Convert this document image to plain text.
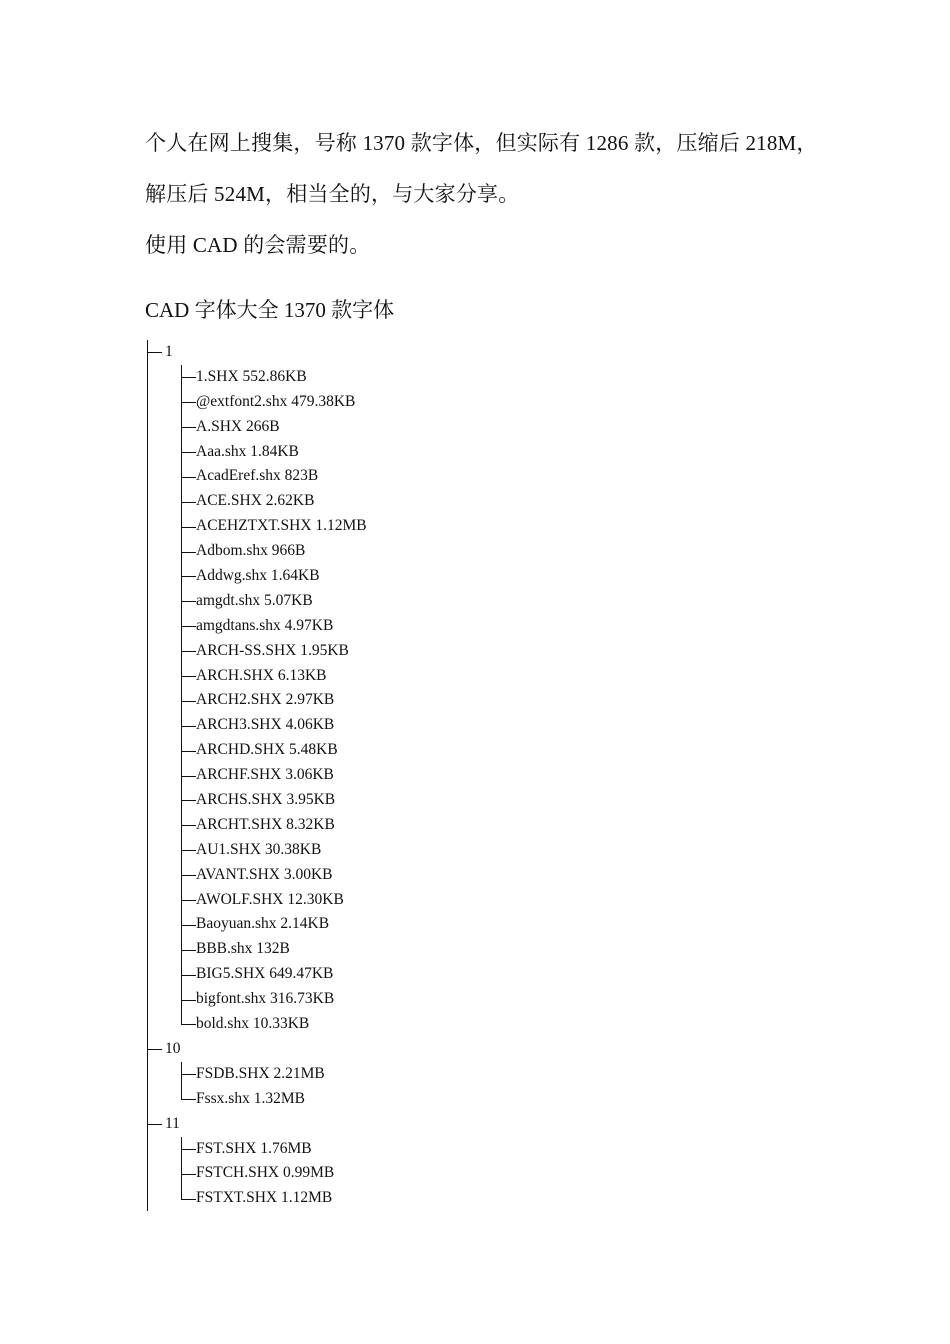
个人在网上搜集，号称 1370 款字体，但实际有 1286 款，压缩后 218M，
解压后 524M，相当全的，与大家分享。
使用 CAD 的会需要的。
CAD 字体大全 1370 款字体
1
1.SHX 552.86KB
@extfont2.shx 479.38KB
A.SHX 266B
Aaa.shx 1.84KB
AcadEref.shx 823B
ACE.SHX 2.62KB
ACEHZTXT.SHX 1.12MB
Adbom.shx 966B
Addwg.shx 1.64KB
amgdt.shx 5.07KB
amgdtans.shx 4.97KB
ARCH-SS.SHX 1.95KB
ARCH.SHX 6.13KB
ARCH2.SHX 2.97KB
ARCH3.SHX 4.06KB
ARCHD.SHX 5.48KB
ARCHF.SHX 3.06KB
ARCHS.SHX 3.95KB
ARCHT.SHX 8.32KB
AU1.SHX 30.38KB
AVANT.SHX 3.00KB
AWOLF.SHX 12.30KB
Baoyuan.shx 2.14KB
BBB.shx 132B
BIG5.SHX 649.47KB
bigfont.shx 316.73KB
bold.shx 10.33KB
10
FSDB.SHX 2.21MB
Fssx.shx 1.32MB
11
FST.SHX 1.76MB
FSTCH.SHX 0.99MB
FSTXT.SHX 1.12MB
